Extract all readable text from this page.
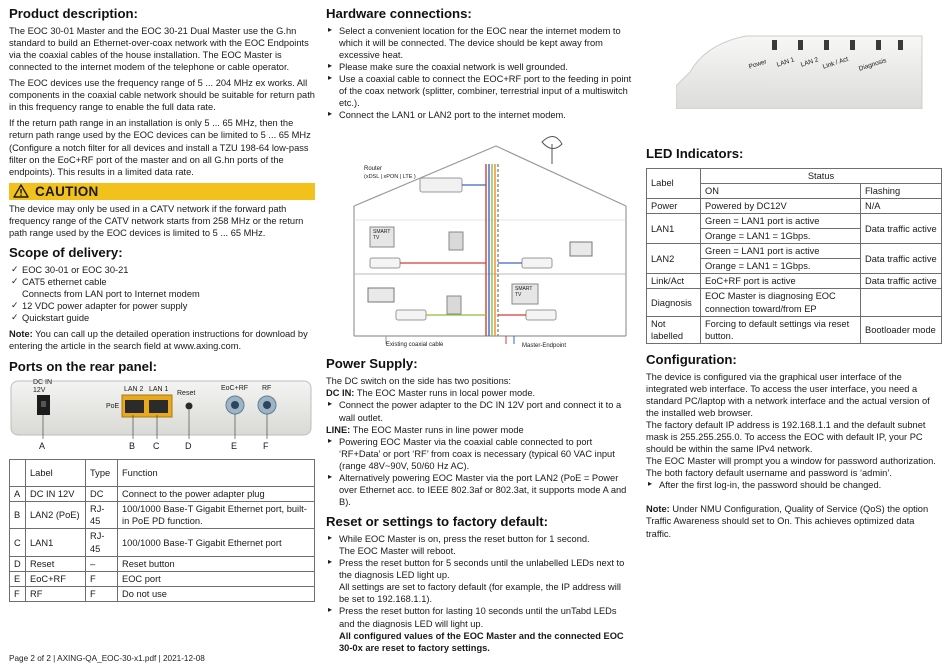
Product description:

The EOC 30-01 Master and the EOC 30-21 Dual Master use the G.hn standard to build an Ethernet-over-coax network with the EOC Endpoints via the coaxial cables of the house installation. The EOC Master is connected to the internet modem of the telephone or cable operator.

The EOC devices use the frequency range of 5 ... 204 MHz ex works. All components in the coaxial cable network should be suitable for return path in this frequency range to enable the full data rate.

If the return path range in an installation is only 5 ... 65 MHz, then the return path range used by the EOC devices can be limited to 5 ... 65 MHz (Configure a notch filter for all devices and install a TZU 198-64 low-pass filter on the EoC+RF port of the master and on all G.hn ports of the endpoints). This results in a limited data rate.

CAUTION

The device may only be used in a CATV network if the forward path frequency range of the CATV network starts from 258 MHz or the return path range used by the EOC devices is limited to 5 ... 65 MHz.

Scope of delivery:
✓ EOC 30-01 or EOC 30-21
✓ CAT5 ethernet cable
Connects from LAN port to Internet modem
✓ 12 VDC power adapter for power supply
✓ Quickstart guide

Note: You can call up the detailed operation instructions for download by entering the article in the search field at www.axing.com.

Ports on the rear panel:
DC IN
12V	LAN 2 LAN 1
PoE
Reset
EoC+RF RF
A	B C	D	E	F
	Label	Type	Function
A	DC IN 12V	DC	Connect to the power adapter plug
B	LAN2 (PoE)	RJ-45	100/1000 Base-T Gigabit Ethernet port, built-in PoE PD function.
C	LAN1	RJ-45	100/1000 Base-T Gigabit Ethernet port
D	Reset	–	Reset button
E	EoC+RF	F	EOC port
F	RF	F	Do not use
Hardware connections:
▸ Select a convenient location for the EOC near the internet modem to which it will be connected. The device should be kept away from excessive heat.
▸ Please make sure the coaxial network is well grounded.
▸ Use a coaxial cable to connect the EOC+RF port to the feeding in point of the coax network (splitter, combiner, terrestrial input of a multiswitch etc.).
▸ Connect the LAN1 or LAN2 port to the internet modem.
Router
(xDSL | xPON | LTE )
SMART
TV
SMART
TV
Existing coaxial cable	Master-Endpoint
Power Supply:

The DC switch on the side has two positions:

DC IN: The EOC Master runs in local power mode.

▸ Connect the power adapter to the DC IN 12V port and connect it to a wall outlet.

LINE: The EOC Master runs in line power mode

▸ Powering EOC Master via the coaxial cable connected to port ‘RF+Data’ or port ‘RF’ from coax is necessary (typical 60 VAC input (range 48V~90V, 50/60 Hz AC).
▸ Alternatively powering EOC Master via the port LAN2 (PoE = Power over Ethernet acc. to IEEE 802.3af or 802.3at, it supports mode A and B).
Reset or settings to factory default:
▸ While EOC Master is on, press the reset button for 1 second.
The EOC Master will reboot.
▸ Press the reset button for 5 seconds until the unlabelled LEDs next to the diagnosis LED light up.
All settings are set to factory default (for example, the IP address will be set to 192.168.1.1).
▸ Press the reset button for lasting 10 seconds until the unTabd LEDs and the diagnosis LED will light up.
All configured values of the EOC Master and the connected EOC 30-0x are reset to factory settings.
Power LAN 1 LAN 2 Link / Act Diagnosis
LED Indicators:
Label	Status	
	ON	Flashing
Power	Powered by DC12V	N/A
LAN1	Green = LAN1 port is active	Data traffic active
	Orange = LAN1 = 1Gbps.	
LAN2	Green = LAN1 port is active	Data traffic active
	Orange = LAN1 = 1Gbps.	
Link/Act	EoC+RF port is active	Data traffic active
Diagnosis	EOC Master is diagnosing EOC connection toward/from EP	
Not labelled	Forcing to default settings via reset button.	Bootloader mode
Configuration:

The device is configured via the graphical user interface of the integrated web interface. To access the user interface, you need a standard PC/laptop with a network interface and the actual version of the installed web browser.

The factory default IP address is 192.168.1.1 and the default subnet mask is 255.255.255.0. To access the EOC with default IP, your PC should be within the same IPv4 network.

The EOC Master will prompt you a window for password authorization. The both factory default username and password is ‘admin’.

▸ After the first log-in, the password should be changed.

Note: Under NMU Configuration, Quality of Service (QoS) the option Traffic Awareness should set to On. This achieves optimized data traffic.

Page 2 of 2 | AXING-QA_EOC-30-x1.pdf | 2021-12-08
